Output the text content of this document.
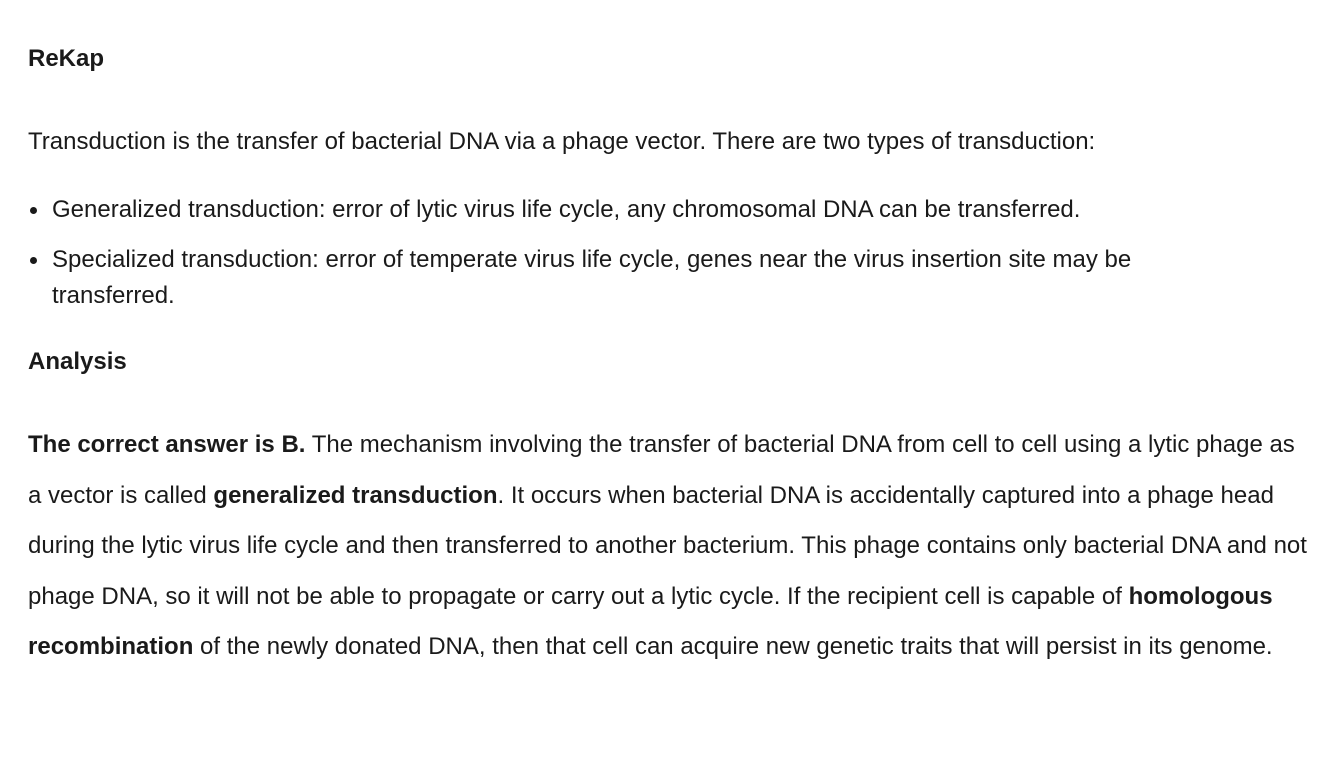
ReKap

Transduction is the transfer of bacterial DNA via a phage vector. There are two types of transduction:

Generalized transduction: error of lytic virus life cycle, any chromosomal DNA can be transferred.
Specialized transduction: error of temperate virus life cycle, genes near the virus insertion site may be transferred.
Analysis

The correct answer is B. The mechanism involving the transfer of bacterial DNA from cell to cell using a lytic phage as a vector is called generalized transduction. It occurs when bacterial DNA is accidentally captured into a phage head during the lytic virus life cycle and then transferred to another bacterium. This phage contains only bacterial DNA and not phage DNA, so it will not be able to propagate or carry out a lytic cycle. If the recipient cell is capable of homologous recombination of the newly donated DNA, then that cell can acquire new genetic traits that will persist in its genome.
